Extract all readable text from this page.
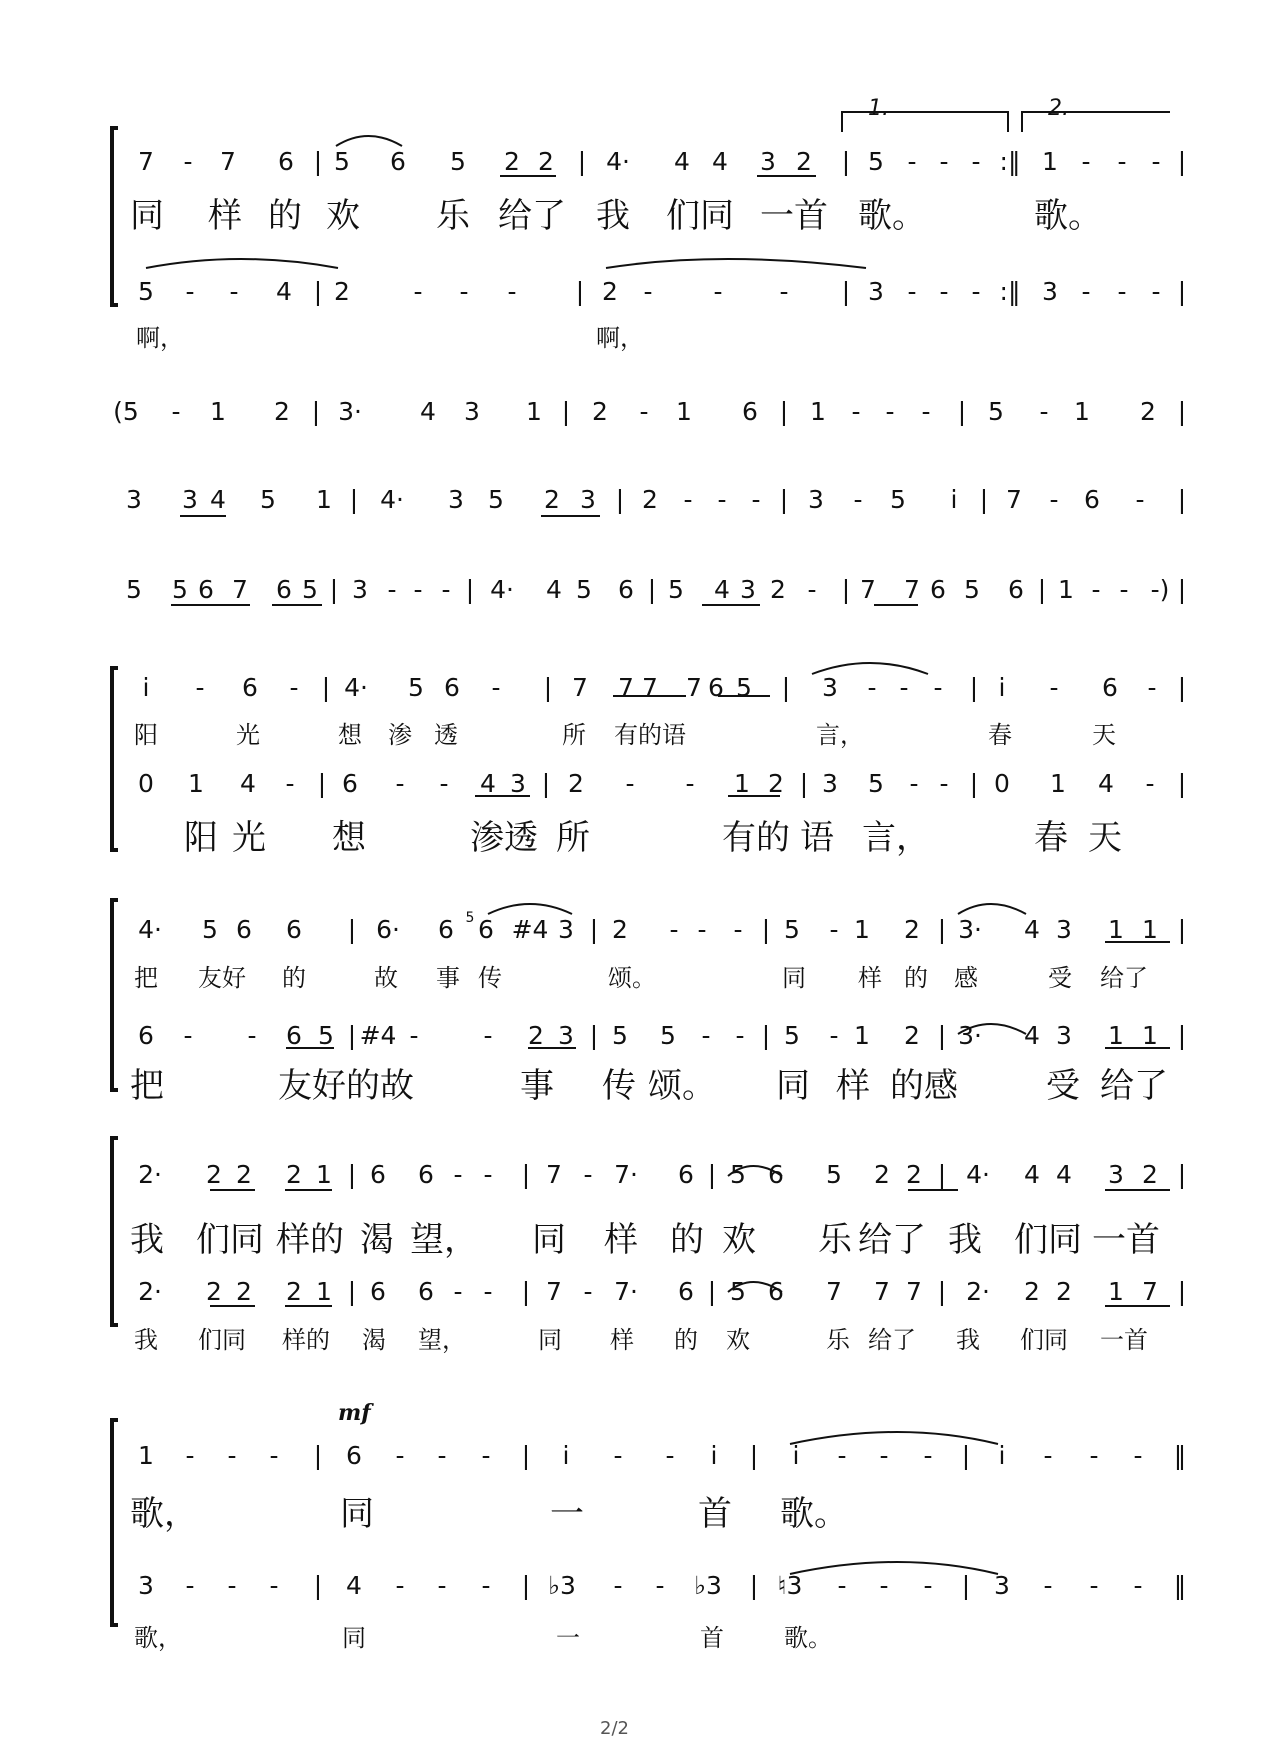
1.	2.
mf
7 - 7 6 | 5 6 5 2 2 | 4· 4 4 3 2 | 5 - - - :‖ 1 - - - |
同 样 的 欢 乐 给了 我 们同 一首 歌。	歌。
5 - - 4 | 2	- - - | 2 - - - | 3 - - - :‖ 3 - - - |
啊，	啊，
(5 - 1 2 | 3· 4 3 1 | 2 - 1 6 | 1 - - - | 5 - 1 2 |
3 3 4 5 1 | 4· 3 5 2 3 | 2 - - - | 3 - 5 i | 7 - 6 - |
5 5 6 7 6 5 | 3 - - - | 4· 4 5 6 | 5 4 3 2 - | 7 7 6 5 6 | 1 - - -) |
i - 6 - | 4· 5 6 - | 7 7 7 7 6 5 | 3 - - - | i - 6 - |
阳	光	想 渗 透	所 有的语	言，	春	天
0 1 4 - | 6 - - 4 3 | 2 - - 1 2 | 3 5 - - | 0 1 4 - |
阳 光 想	渗透 所	有的 语 言，	春 天
4· 5 6 6 | 6· 6 5 6 #4 3 | 2 - - - | 5 - 1 2 | 3· 4 3 1 1 |
把 友好 的	故 事 传	颂。	同 样 的 感	受 给了
6 - - 6 5 | #4 -	- 2 3 | 5 5 - - | 5 - 1 2 | 3· 4 3 1 1 |
把	友好的故	事 传 颂。 同 样 的感	受 给了
2· 2 2 2 1 | 6 6 - - | 7 - 7· 6 | 5 6 5 2 2 | 4· 4 4 3 2 |
我 们同 样的 渴 望， 同 样 的 欢 乐 给了 我 们同 一首
2· 2 2 2 1 | 6 6 - - | 7 - 7· 6 | 5 6 7 7 7 | 2· 2 2 1 7 |
我 们同 样的 渴 望，	同 样 的 欢	乐 给了 我 们同 一首
1 - - - | 6 - - - | i - - i | i - - - | i - - - ‖
歌，	同	一	首 歌。
3 - - - | 4 - - - | ♭3 - - ♭3 | ♮3 - - - | 3 - - - ‖
歌，	同	一	首	歌。
2/2
